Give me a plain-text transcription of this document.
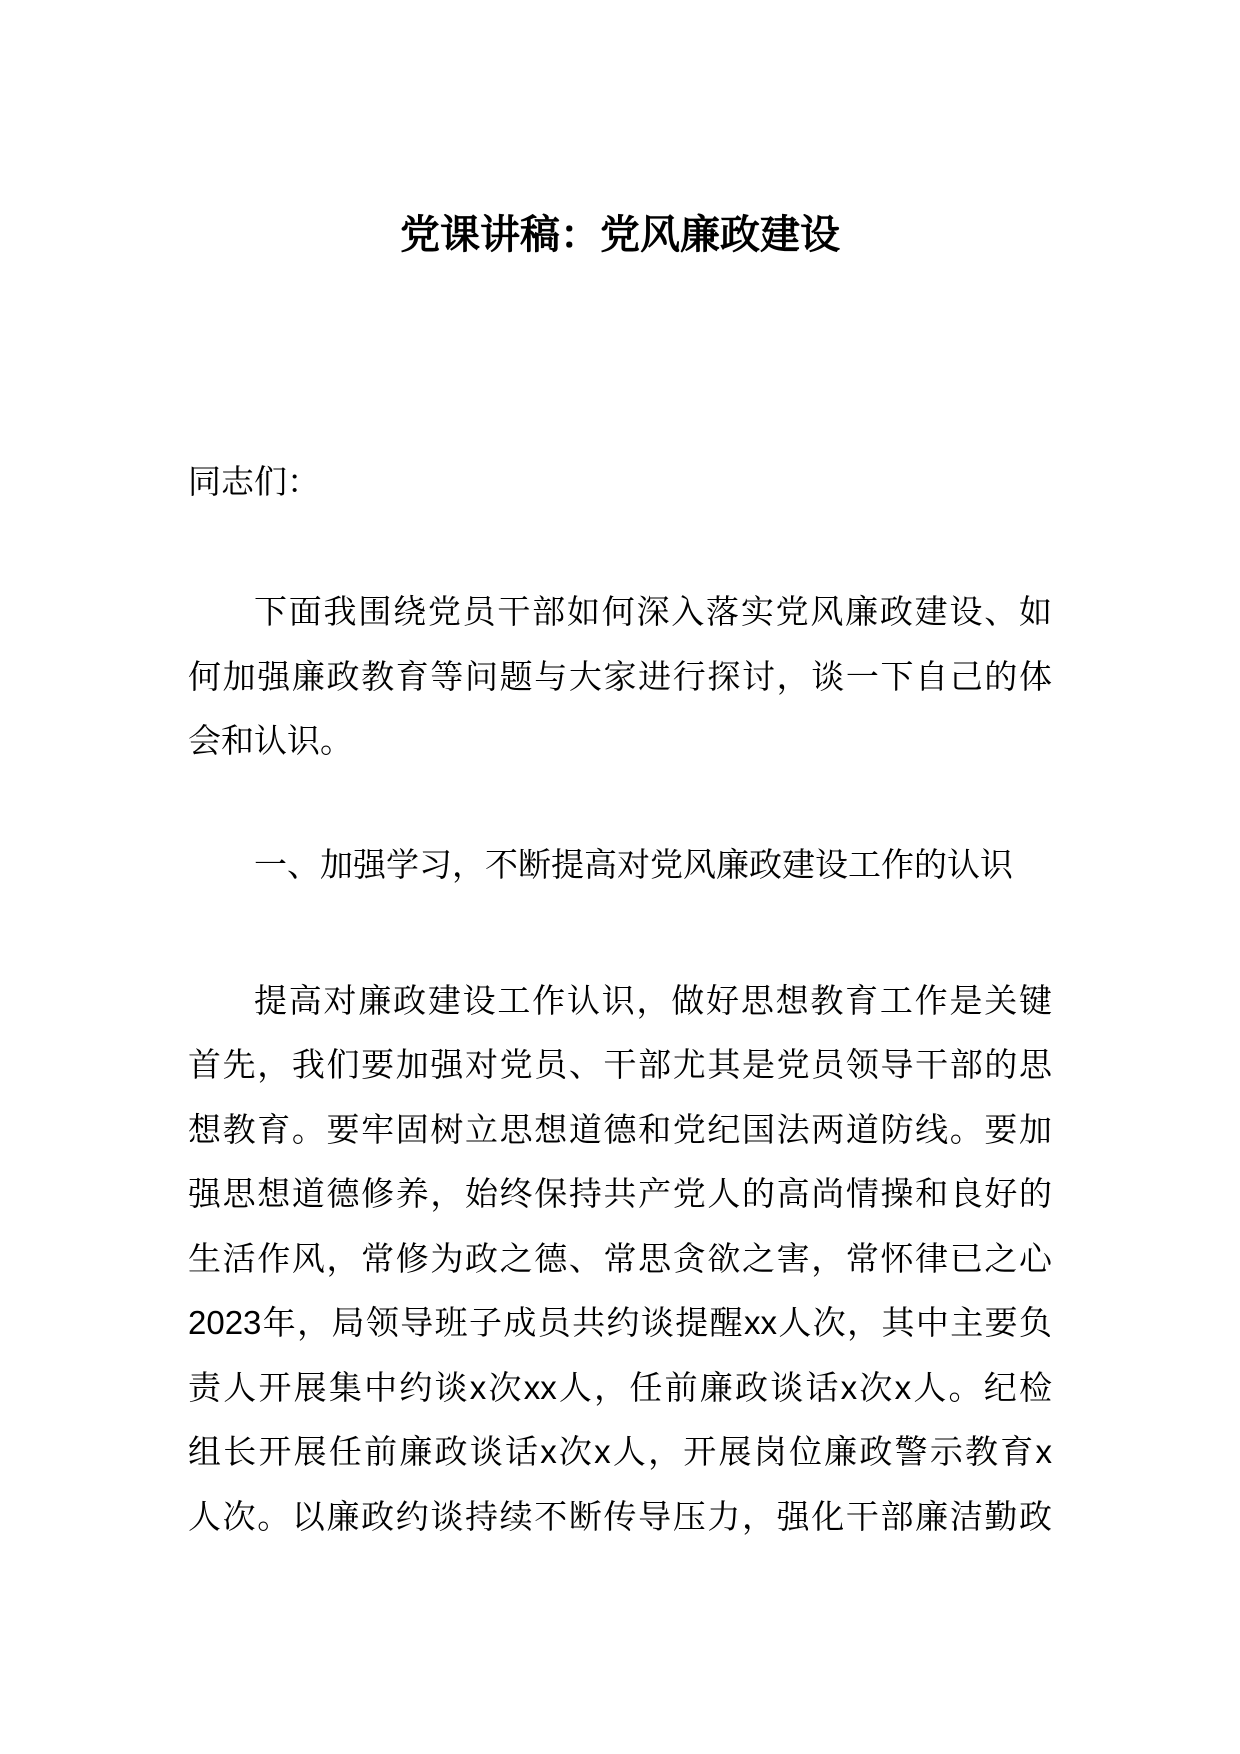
党课讲稿：党风廉政建设
同志们：
下面我围绕党员干部如何深入落实党风廉政建设、如
何加强廉政教育等问题与大家进行探讨，谈一下自己的体
会和认识。
一、加强学习，不断提高对党风廉政建设工作的认识
提高对廉政建设工作认识，做好思想教育工作是关键
首先，我们要加强对党员、干部尤其是党员领导干部的思
想教育。要牢固树立思想道德和党纪国法两道防线。要加
强思想道德修养，始终保持共产党人的高尚情操和良好的
生活作风，常修为政之德、常思贪欲之害，常怀律已之心
2023年，局领导班子成员共约谈提醒xx人次，其中主要负
责人开展集中约谈x次xx人，任前廉政谈话x次x人。纪检
组长开展任前廉政谈话x次x人，开展岗位廉政警示教育x
人次。以廉政约谈持续不断传导压力，强化干部廉洁勤政
